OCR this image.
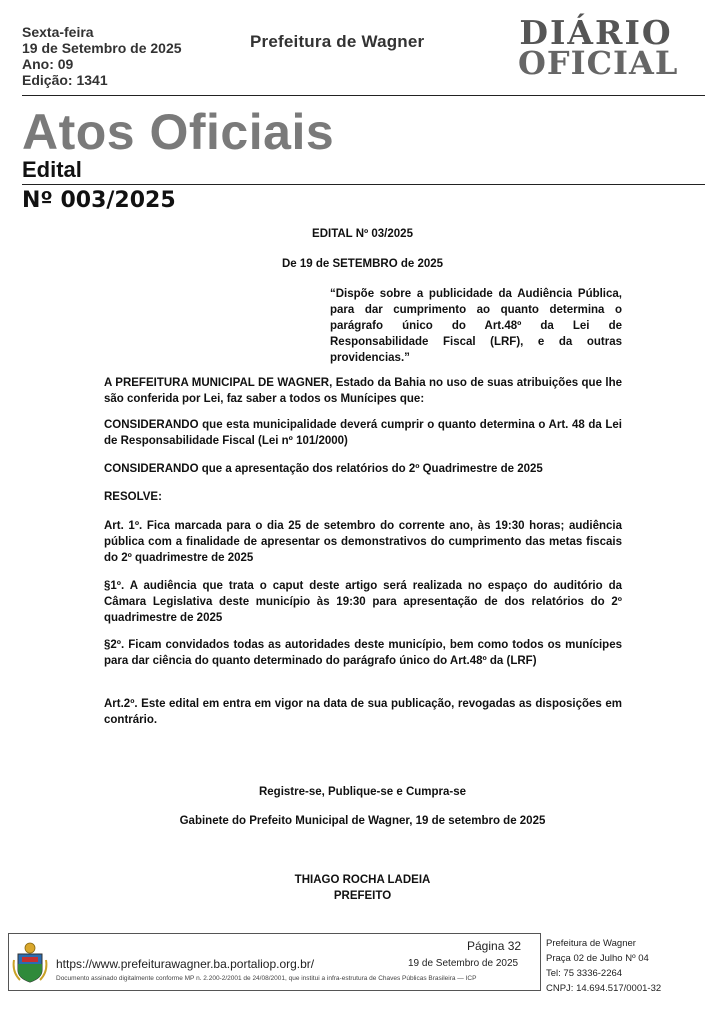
Sexta-feira
19 de Setembro de 2025
Ano: 09
Edição: 1341
Prefeitura de Wagner	DIÁRIO
OFICIAL
Atos Oficiais
Edital
Nº 003/2025
EDITAL Nº 03/2025
De 19 de SETEMBRO de 2025
“Dispõe sobre a publicidade da Audiência Pública, para dar cumprimento ao quanto determina o parágrafo único do Art.48º da Lei de Responsabilidade Fiscal (LRF), e da outras providencias.”
A PREFEITURA MUNICIPAL DE WAGNER, Estado da Bahia no uso de suas atribuições que lhe são conferida por Lei, faz saber a todos os Munícipes que:
CONSIDERANDO que esta municipalidade deverá cumprir o quanto determina o Art. 48 da Lei de Responsabilidade Fiscal (Lei nº 101/2000)
CONSIDERANDO que a apresentação dos relatórios do 2º Quadrimestre de 2025
RESOLVE:
Art. 1º. Fica marcada para o dia 25 de setembro do corrente ano, às 19:30 horas; audiência pública com a finalidade de apresentar os demonstrativos do cumprimento das metas fiscais do 2º quadrimestre de 2025
§1º. A audiência que trata o caput deste artigo será realizada no espaço do auditório da Câmara Legislativa deste município às 19:30 para apresentação de dos relatórios do 2º quadrimestre de 2025
§2º. Ficam convidados todas as autoridades deste município, bem como todos os munícipes para dar ciência do quanto determinado do parágrafo único do Art.48º da (LRF)
Art.2º. Este edital em entra em vigor na data de sua publicação, revogadas as disposições em contrário.
Registre-se, Publique-se e Cumpra-se
Gabinete do Prefeito Municipal de Wagner, 19 de setembro de 2025
THIAGO ROCHA LADEIA
PREFEITO
https://www.prefeiturawagner.ba.portaliop.org.br/
Documento assinado digitalmente conforme MP n. 2.200-2/2001 de 24/08/2001, que institui a infra-estrutura de Chaves Públicas Brasileira — ICP
Página 32
19 de Setembro de 2025
Prefeitura de Wagner
Praça 02 de Julho Nº 04
Tel: 75 3336-2264
CNPJ: 14.694.517/0001-32
